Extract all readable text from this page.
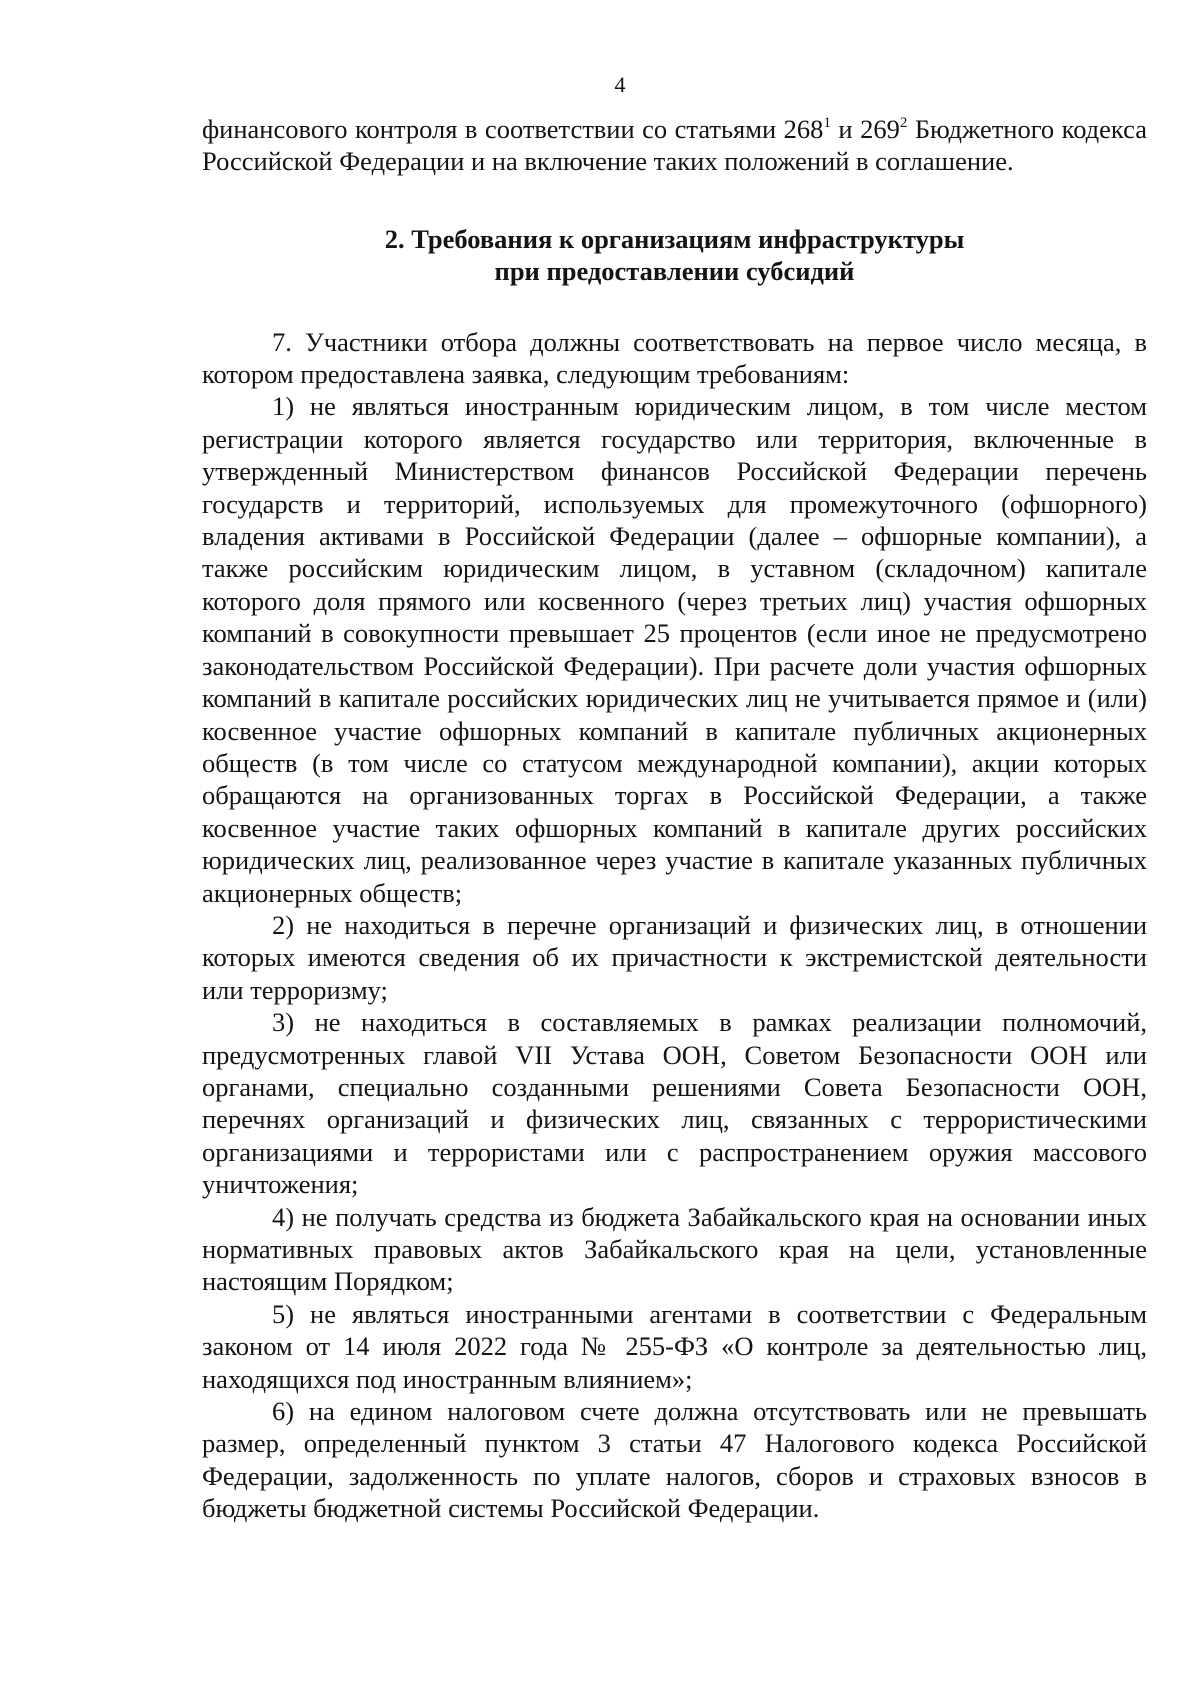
4

финансового контроля в соответствии со статьями $268^1$ и $269^2$ Бюджетного кодекса Российской Федерации и на включение таких положений в соглашение.

2. Требования к организациям инфраструктуры
при предоставлении субсидий

7. Участники отбора должны соответствовать на первое число месяца, в котором предоставлена заявка, следующим требованиям:

1) не являться иностранным юридическим лицом, в том числе местом регистрации которого является государство или территория, включенные в утвержденный Министерством финансов Российской Федерации перечень государств и территорий, используемых для промежуточного (офшорного) владения активами в Российской Федерации (далее – офшорные компании), а также российским юридическим лицом, в уставном (складочном) капитале которого доля прямого или косвенного (через третьих лиц) участия офшорных компаний в совокупности превышает 25 процентов (если иное не предусмотрено законодательством Российской Федерации). При расчете доли участия офшорных компаний в капитале российских юридических лиц не учитывается прямое и (или) косвенное участие офшорных компаний в капитале публичных акционерных обществ (в том числе со статусом международной компании), акции которых обращаются на организованных торгах в Российской Федерации, а также косвенное участие таких офшорных компаний в капитале других российских юридических лиц, реализованное через участие в капитале указанных публичных акционерных обществ;

2) не находиться в перечне организаций и физических лиц, в отношении которых имеются сведения об их причастности к экстремистской деятельности или терроризму;

3) не находиться в составляемых в рамках реализации полномочий, предусмотренных главой VII Устава ООН, Советом Безопасности ООН или органами, специально созданными решениями Совета Безопасности ООН, перечнях организаций и физических лиц, связанных с террористическими организациями и террористами или с распространением оружия массового уничтожения;

4) не получать средства из бюджета Забайкальского края на основании иных нормативных правовых актов Забайкальского края на цели, установленные настоящим Порядком;

5) не являться иностранными агентами в соответствии с Федеральным законом от 14 июля 2022 года № 255-ФЗ «О контроле за деятельностью лиц, находящихся под иностранным влиянием»;

6) на едином налоговом счете должна отсутствовать или не превышать размер, определенный пунктом 3 статьи 47 Налогового кодекса Российской Федерации, задолженность по уплате налогов, сборов и страховых взносов в бюджеты бюджетной системы Российской Федерации.
